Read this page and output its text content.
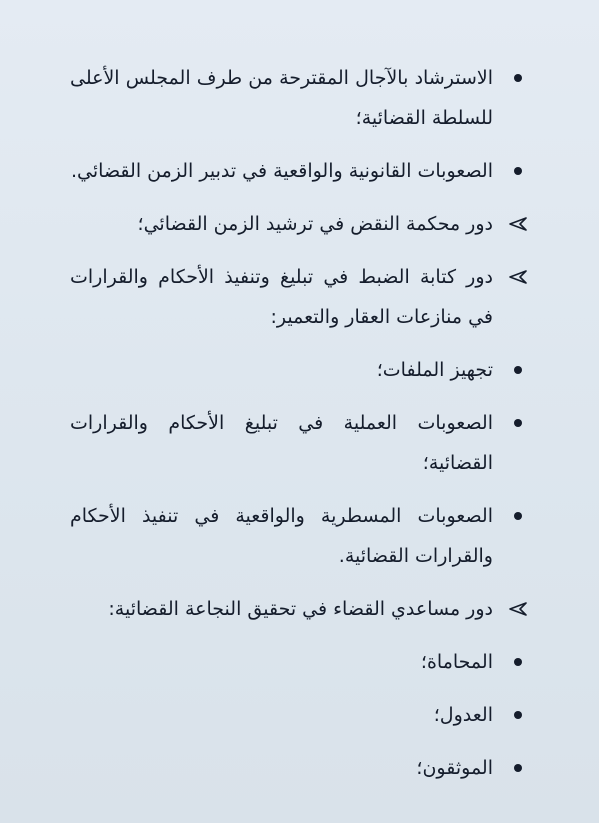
الاسترشاد بالآجال المقترحة من طرف المجلس الأعلى للسلطة القضائية؛
الصعوبات القانونية والواقعية في تدبير الزمن القضائي.
دور محكمة النقض في ترشيد الزمن القضائي؛
دور كتابة الضبط في تبليغ وتنفيذ الأحكام والقرارات في منازعات العقار والتعمير:
تجهيز الملفات؛
الصعوبات العملية في تبليغ الأحكام والقرارات القضائية؛
الصعوبات المسطرية والواقعية في تنفيذ الأحكام والقرارات القضائية.
دور مساعدي القضاء في تحقيق النجاعة القضائية:
المحاماة؛
العدول؛
الموثقون؛
